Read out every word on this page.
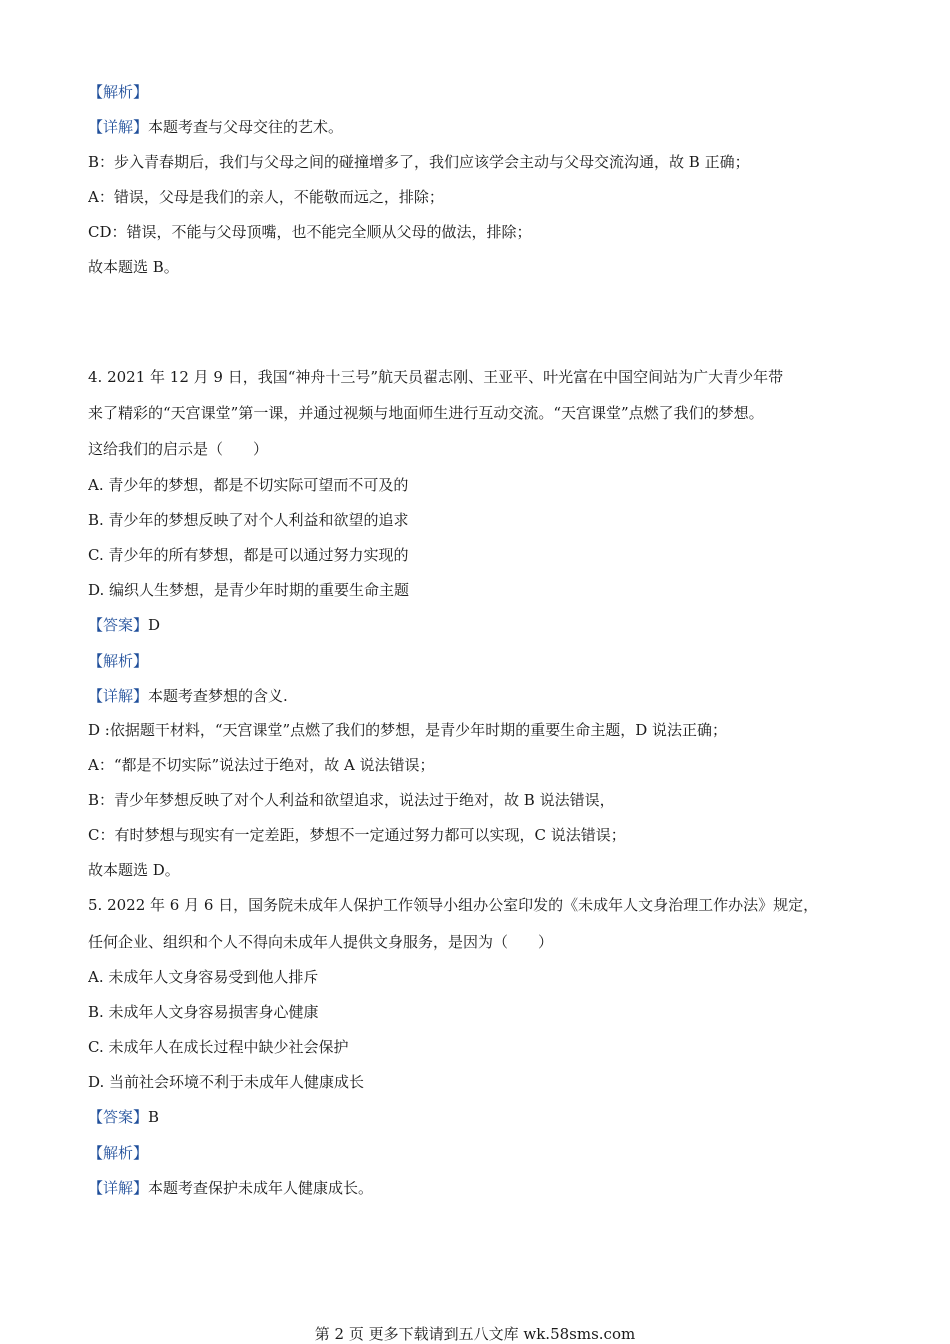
【解析】
【详解】本题考查与父母交往的艺术。
B：步入青春期后，我们与父母之间的碰撞增多了，我们应该学会主动与父母交流沟通，故 B 正确；
A：错误，父母是我们的亲人，不能敬而远之，排除；
CD：错误，不能与父母顶嘴，也不能完全顺从父母的做法，排除；
故本题选 B。
4. 2021 年 12 月 9 日，我国“神舟十三号”航天员翟志刚、王亚平、叶光富在中国空间站为广大青少年带
来了精彩的“天宫课堂”第一课，并通过视频与地面师生进行互动交流。“天宫课堂”点燃了我们的梦想。
这给我们的启示是（　　）
A. 青少年的梦想，都是不切实际可望而不可及的
B. 青少年的梦想反映了对个人利益和欲望的追求
C. 青少年的所有梦想，都是可以通过努力实现的
D. 编织人生梦想，是青少年时期的重要生命主题
【答案】D
【解析】
【详解】本题考查梦想的含义.
D :依据题干材料，“天宫课堂”点燃了我们的梦想，是青少年时期的重要生命主题，D 说法正确；
A：“都是不切实际”说法过于绝对，故 A 说法错误；
B：青少年梦想反映了对个人利益和欲望追求，说法过于绝对，故 B 说法错误，
C：有时梦想与现实有一定差距，梦想不一定通过努力都可以实现，C 说法错误；
故本题选 D。
5. 2022 年 6 月 6 日，国务院未成年人保护工作领导小组办公室印发的《未成年人文身治理工作办法》规定，
任何企业、组织和个人不得向未成年人提供文身服务，是因为（　　）
A. 未成年人文身容易受到他人排斥
B. 未成年人文身容易损害身心健康
C. 未成年人在成长过程中缺少社会保护
D. 当前社会环境不利于未成年人健康成长
【答案】B
【解析】
【详解】本题考查保护未成年人健康成长。
第 2 页 更多下载请到五八文库 wk.58sms.com
